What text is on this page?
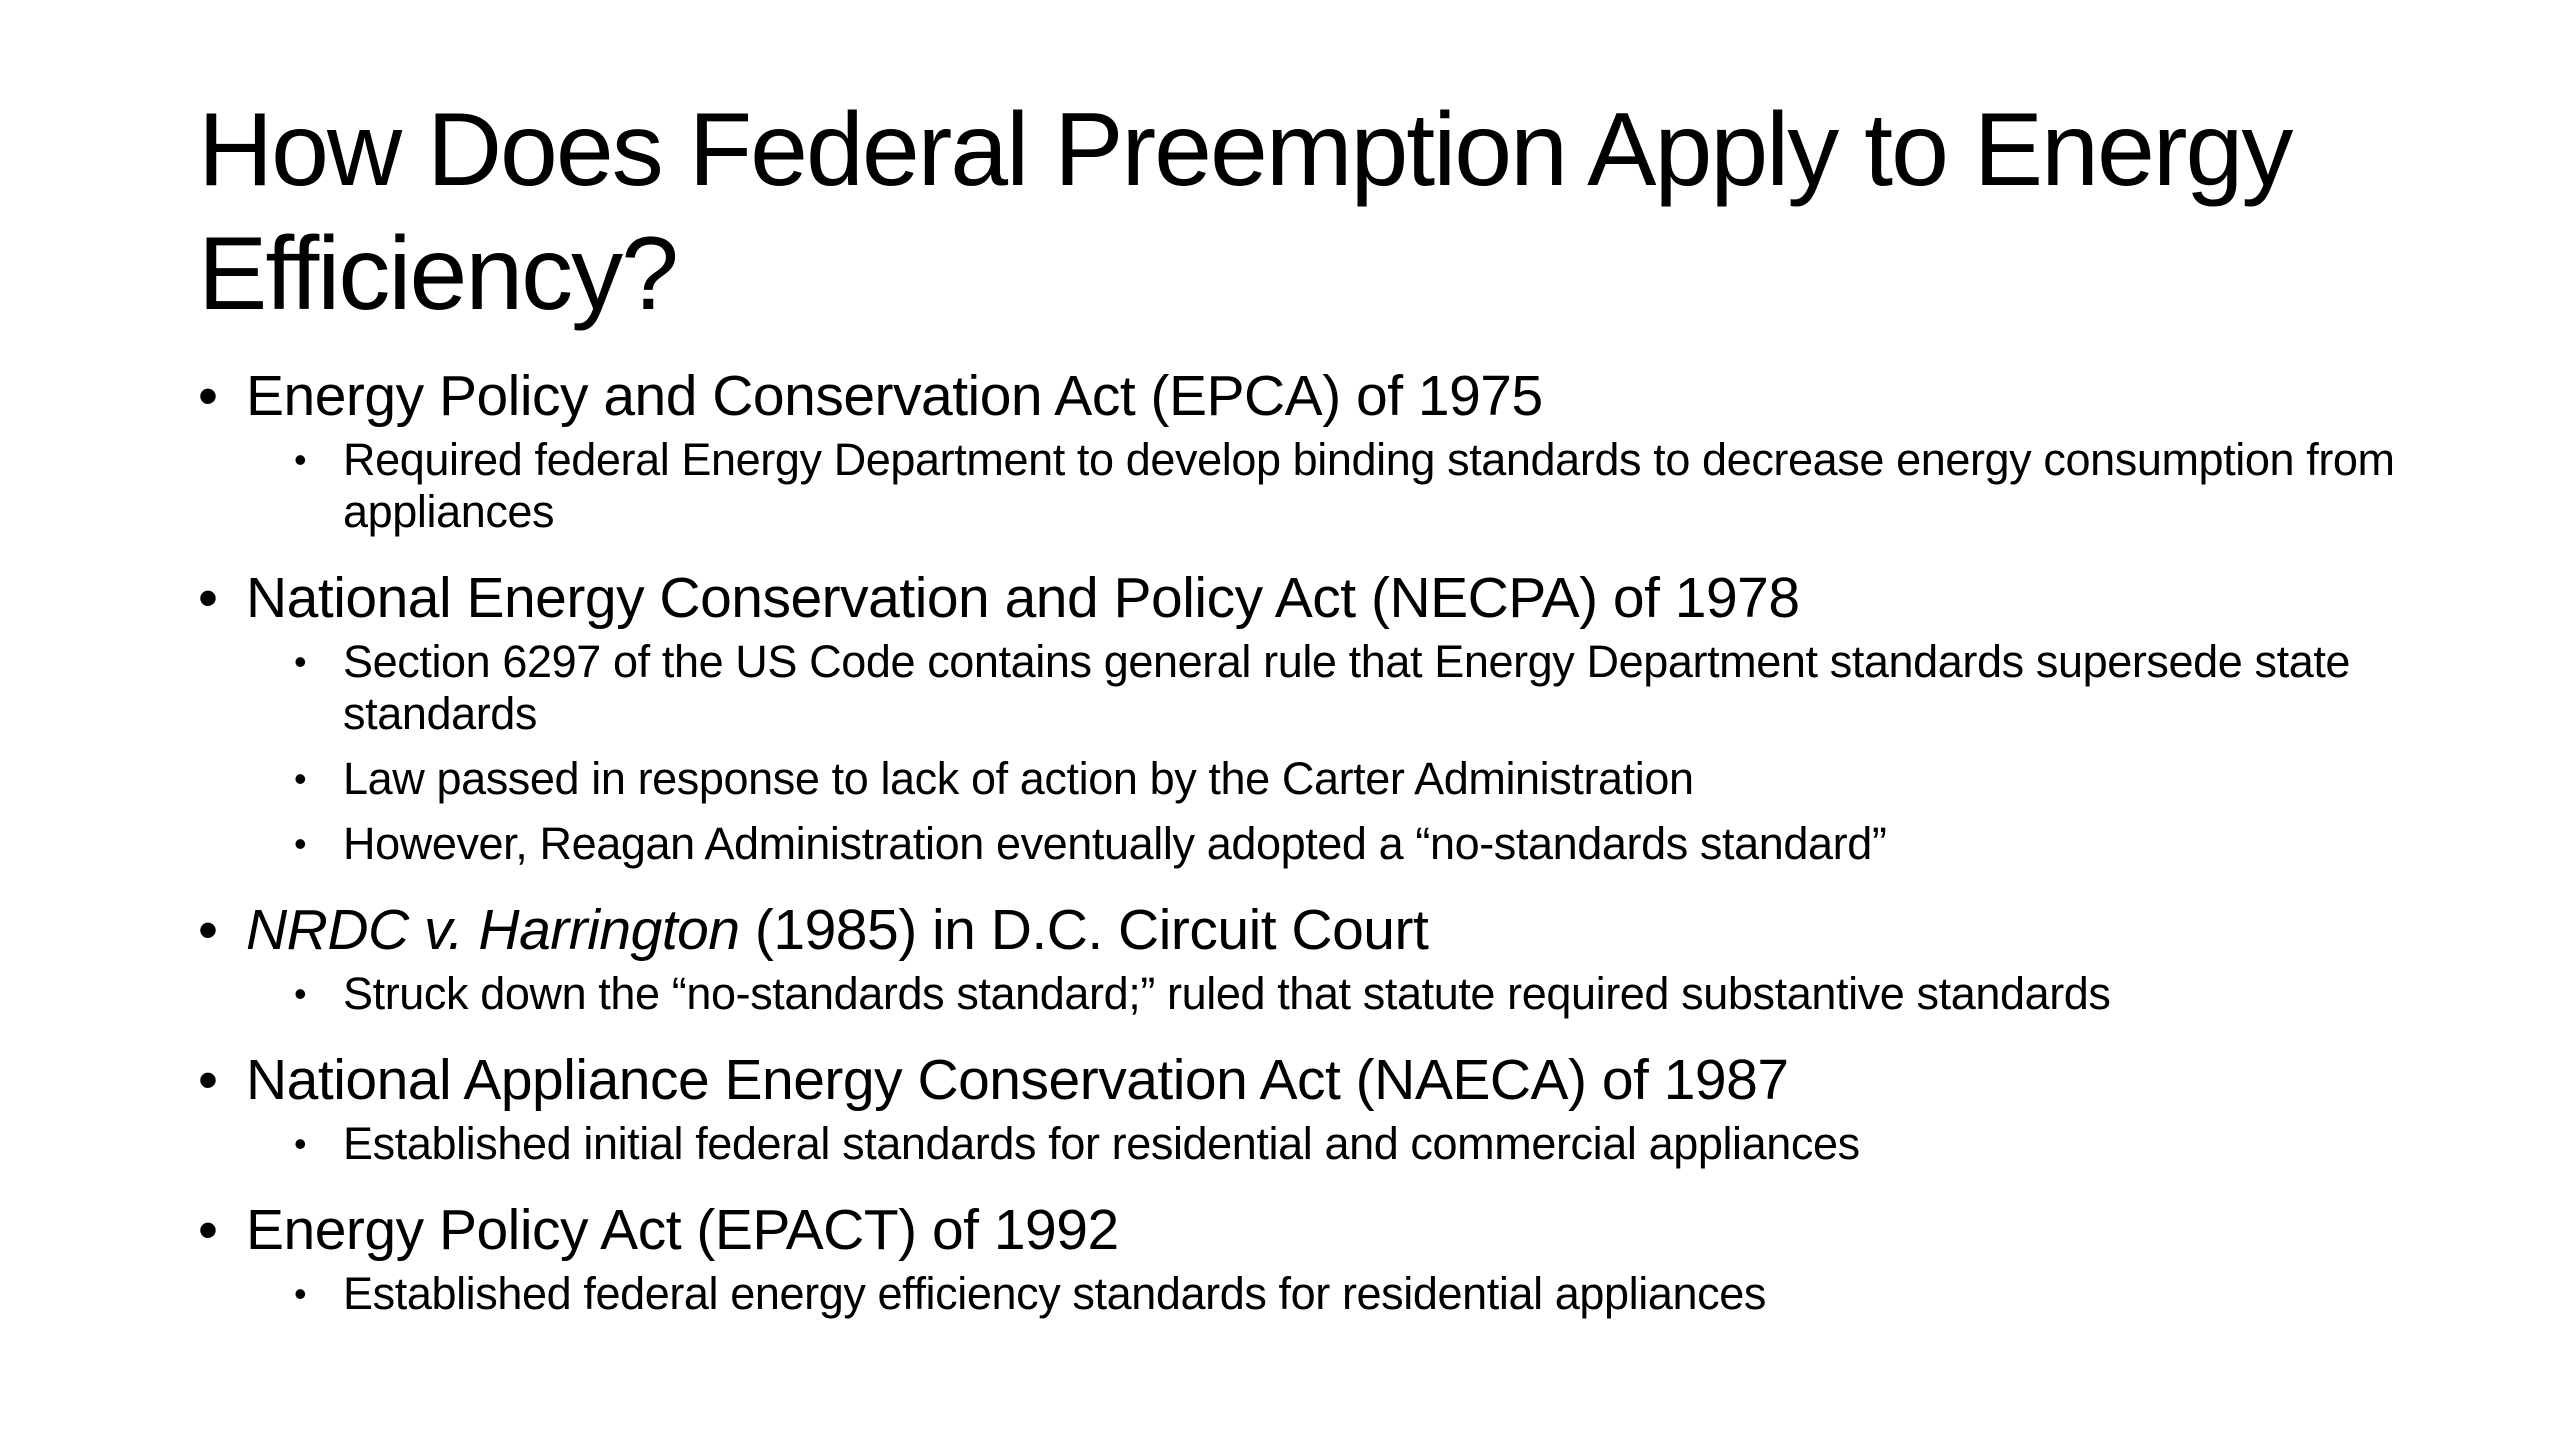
How Does Federal Preemption Apply to Energy Efficiency?
• Energy Policy and Conservation Act (EPCA) of 1975
• Required federal Energy Department to develop binding standards to decrease energy consumption from appliances
• National Energy Conservation and Policy Act (NECPA) of 1978
• Section 6297 of the US Code contains general rule that Energy Department standards supersede state standards
• Law passed in response to lack of action by the Carter Administration
• However, Reagan Administration eventually adopted a “no-standards standard”
• NRDC v. Harrington (1985) in D.C. Circuit Court
• Struck down the “no-standards standard;” ruled that statute required substantive standards
• National Appliance Energy Conservation Act (NAECA) of 1987
• Established initial federal standards for residential and commercial appliances
• Energy Policy Act (EPACT) of 1992
• Established federal energy efficiency standards for residential appliances
